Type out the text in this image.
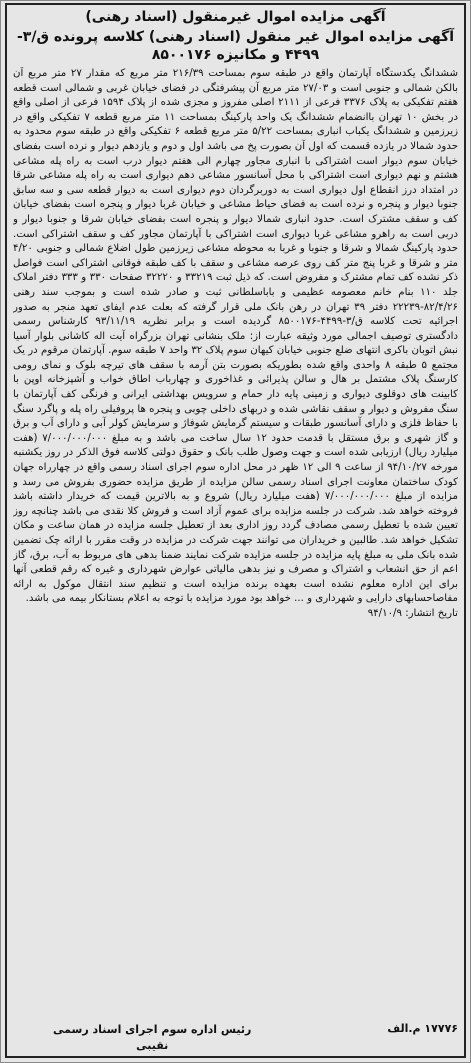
آگهی مزایده اموال غیرمنقول (اسناد رهنی)
آگهی مزایده اموال غیر منقول (اسناد رهنی) کلاسه پرونده ق/۳- ۴۴۹۹ و مکانیزه ۸۵۰۰۱۷۶

ششدانگ یکدستگاه آپارتمان واقع در طبقه سوم بمساحت ۲۱۶/۳۹ متر مربع که مقدار ۲۷ متر مربع آن بالکن شمالی و جنوبی است و ۲۷/۰۳ متر مربع آن پیشرفتگی در فضای خیابان غربی و شمالی است قطعه هفتم تفکیکی به پلاک ۳۳۷۶ فرعی از ۲۱۱۱ اصلی مفروز و مجزی شده از پلاک ۱۵۹۴ فرعی از اصلی واقع در بخش ۱۰ تهران باانضمام ششدانگ یک واحد پارکینگ بمساحت ۱۱ متر مربع قطعه ۷ تفکیکی واقع در زیرزمین و ششدانگ یکباب انباری بمساحت ۵/۲۲ متر مربع قطعه ۶ تفکیکی واقع در طبقه سوم محدود به حدود شمالا در یازده قسمت که اول آن بصورت پخ می باشد اول و دوم و یازدهم دیوار و نرده است بفضای خیابان سوم دیوار است اشتراکی با انباری مجاور چهارم الی هفتم دیوار درب است به راه پله مشاعی هشتم و نهم دیواری است اشتراکی با محل آسانسور مشاعی دهم دیواری است به راه پله مشاعی شرقا در امتداد درز انقطاع اول دیواری است به دوربرگردان دوم دیواری است به دیوار قطعه سی و سه سابق جنوبا دیوار و پنجره و نرده است به فضای حیاط مشاعی و خیابان غربا دیوار و پنجره است بفضای خیابان کف و سقف مشترک است. حدود انباری شمالا دیوار و پنجره است بفضای خیابان شرقا و جنوبا دیوار و دربی است به راهرو مشاعی غربا دیواری است اشتراکی با آپارتمان مجاور کف و سقف اشتراکی است. حدود پارکینگ شمالا و شرقا و جنوبا و غربا به محوطه مشاعی زیرزمین طول اضلاع شمالی و جنوبی ۴/۲۰ متر و شرقا و غربا پنج متر کف روی عرصه مشاعی و سقف با کف طبقه فوقانی اشتراکی است فواصل ذکر نشده کف تمام مشترک و مفروض است. که ذیل ثبت ۳۳۲۱۹ و ۳۲۲۲۰ صفحات ۳۳۰ و ۳۳۳ دفتر املاک جلد ۱۱۰ بنام خانم معصومه عظیمی و باباسلطانی ثبت و صادر شده است و بموجب سند رهنی ۸۲/۴/۲۶-۲۲۲۳۹ دفتر ۳۹ تهران در رهن بانک ملی قرار گرفته که بعلت عدم ایفای تعهد منجر به صدور اجرائیه تحت کلاسه ق/۳-۴۴۹۹-۸۵۰۰۱۷۶ گردیده است و برابر نظریه ۹۳/۱۱/۱۹ کارشناس رسمی دادگستری توصیف اجمالی مورد وثیقه عبارت از: ملک بنشانی تهران بزرگراه آیت اله کاشانی بلوار آسیا نبش اتوبان باکری انتهای ضلع جنوبی خیابان کیهان سوم پلاک ۳۲ واحد ۷ طبقه سوم. آپارتمان مرقوم در یک مجتمع ۵ طبقه ۸ واحدی واقع شده بطوریکه بصورت بتن آرمه با سقف های تیرچه بلوک و نمای رومی کارسنگ پلاک مشتمل بر هال و سالن پذیرائی و غذاخوری و چهارباب اطاق خواب و آشپزخانه اوپن با کابینت های دوقلوی دیواری و زمینی پایه دار حمام و سرویس بهداشتی ایرانی و فرنگی کف آپارتمان با سنگ مفروش و دیوار و سقف نقاشی شده و دربهای داخلی چوبی و پنجره ها پروفیلی راه پله و پاگرد سنگ با حفاظ فلزی و دارای آسانسور طبقات و سیستم گرمایش شوفاژ و سرمایش کولر آبی و دارای آب و برق و گاز شهری و برق مستقل با قدمت حدود ۱۲ سال ساخت می باشد و به مبلغ ۷/۰۰۰/۰۰۰/۰۰۰ (هفت میلیارد ریال) ارزیابی شده است و جهت وصول طلب بانک و حقوق دولتی کلاسه فوق الذکر در روز یکشنبه مورخه ۹۴/۱۰/۲۷ از ساعت ۹ الی ۱۲ ظهر در محل اداره سوم اجرای اسناد رسمی واقع در چهارراه جهان کودک ساختمان معاونت اجرای اسناد رسمی سالن مزایده از طریق مزایده حضوری بفروش می رسد و مزایده از مبلغ ۷/۰۰۰/۰۰۰/۰۰۰ (هفت میلیارد ریال) شروع و به بالاترین قیمت که خریدار داشته باشد فروخته خواهد شد. شرکت در جلسه مزایده برای عموم آزاد است و فروش کلا نقدی می باشد چنانچه روز تعیین شده با تعطیل رسمی مصادف گردد روز اداری بعد از تعطیل جلسه مزایده در همان ساعت و مکان تشکیل خواهد شد. طالبین و خریداران می توانند جهت شرکت در مزایده در وقت مقرر با ارائه چک تضمین شده بانک ملی به مبلغ پایه مزایده در جلسه مزایده شرکت نمایند ضمنا بدهی های مربوط به آب، برق، گاز اعم از حق انشعاب و اشتراک و مصرف و نیز بدهی مالیاتی عوارض شهرداری و غیره که رقم قطعی آنها برای این اداره معلوم نشده است بعهده برنده مزایده است و تنظیم سند انتقال موکول به ارائه مفاصاحسابهای دارایی و شهرداری و ... خواهد بود مورد مزایده با توجه به اعلام بستانکار بیمه می باشد.

تاریخ انتشار: ۹۴/۱۰/۹

۱۷۷۷۶ م.الف
رئیس اداره سوم اجرای اسناد رسمی
نقیبی
